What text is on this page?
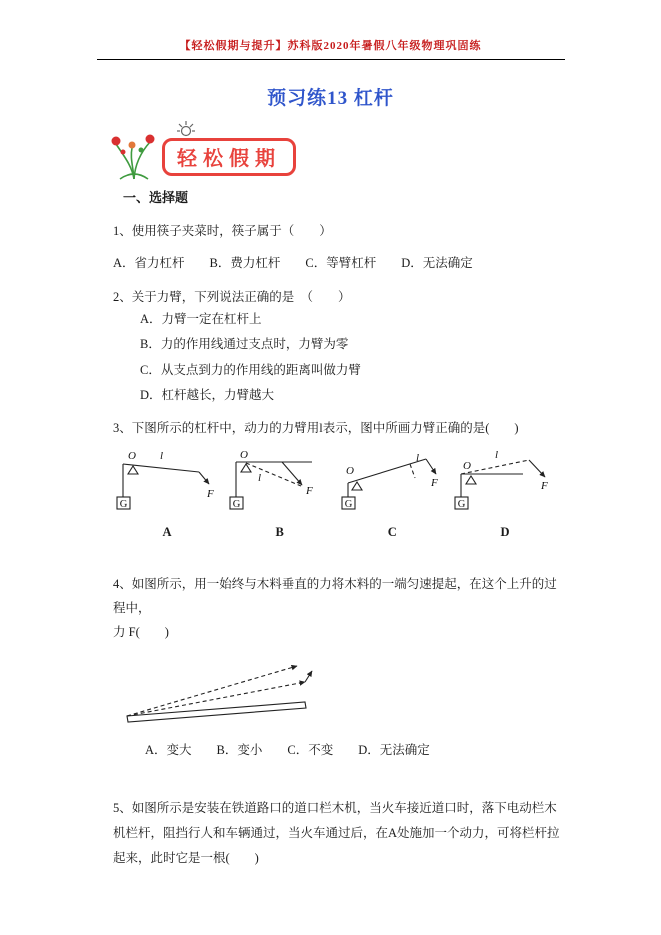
【轻松假期与提升】苏科版2020年暑假八年级物理巩固练
预习练13 杠杆
轻松假期
一、选择题
1、使用筷子夹菜时，筷子属于（　　）
A．省力杠杆　　B．费力杠杆　　C．等臂杠杆　　D．无法确定
2、关于力臂，下列说法正确的是　（　　）
A．力臂一定在杠杆上
B．力的作用线通过支点时，力臂为零
C．从支点到力的作用线的距离叫做力臂
D．杠杆越长，力臂越大
3、下图所示的杠杆中，动力的力臂用l表示，图中所画力臂正确的是(　　)
O l
F
G
A
O
F
l
G
B
O
l
F
G
C
O
l
F
G
D
4、如图所示，用一始终与木料垂直的力将木料的一端匀速提起，在这个上升的过程中，
力 F(　　)
A．变大　　B．变小　　C．不变　　D．无法确定
5、如图所示是安装在铁道路口的道口栏木机，当火车接近道口时，落下电动栏木机栏杆，阻挡行人和车辆通过，当火车通过后，在A处施加一个动力，可将栏杆拉起来，此时它是一根(　　)
